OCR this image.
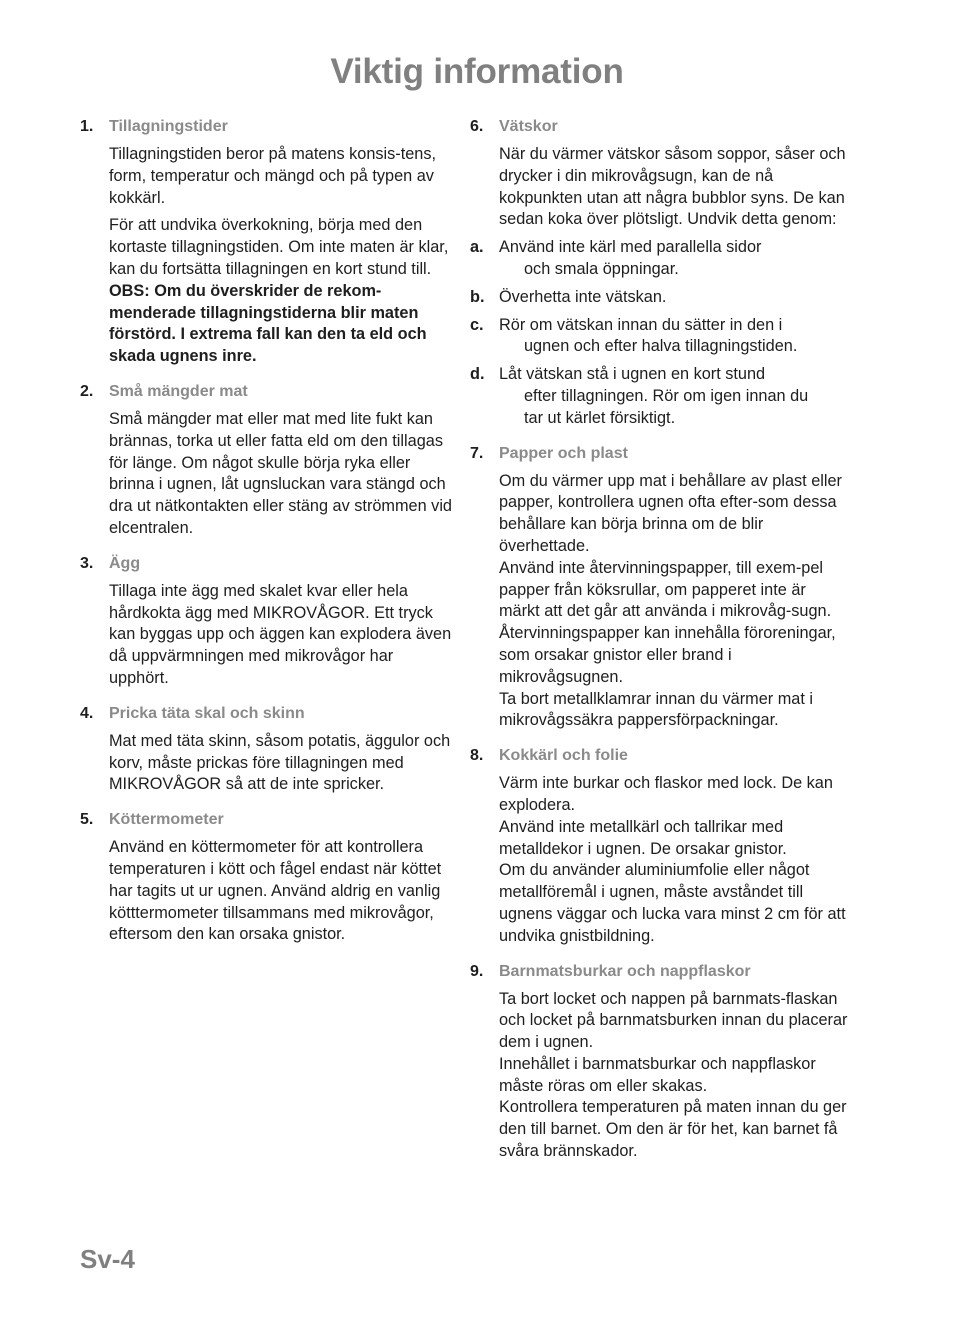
Viktig information
1. Tillagningstider
Tillagningstiden beror på matens konsis-tens, form, temperatur och mängd och på typen av kokkärl.
För att undvika överkokning, börja med den kortaste tillagningstiden. Om inte maten är klar, kan du fortsätta tillagningen en kort stund till.
OBS: Om du överskrider de rekom-menderade tillagningstiderna blir maten förstörd. I extrema fall kan den ta eld och skada ugnens inre.
2. Små mängder mat
Små mängder mat eller mat med lite fukt kan brännas, torka ut eller fatta eld om den tillagas för länge. Om något skulle börja ryka eller brinna i ugnen, låt ugnsluckan vara stängd och dra ut nätkontakten eller stäng av strömmen vid elcentralen.
3. Ägg
Tillaga inte ägg med skalet kvar eller hela hårdkokta ägg med MIKROVÅGOR. Ett tryck kan byggas upp och äggen kan explodera även då uppvärmningen med mikrovågor har upphört.
4. Pricka täta skal och skinn
Mat med täta skinn, såsom potatis, äggulor och korv, måste prickas före tillagningen med MIKROVÅGOR så att de inte spricker.
5. Köttermometer
Använd en köttermometer för att kontrollera temperaturen i kött och fågel endast när köttet har tagits ut ur ugnen. Använd aldrig en vanlig kötttermometer tillsammans med mikrovågor, eftersom den kan orsaka gnistor.
6. Vätskor
När du värmer vätskor såsom soppor, såser och drycker i din mikrovågsugn, kan de nå kokpunkten utan att några bubblor syns. De kan sedan koka över plötsligt. Undvik detta genom:
a. Använd inte kärl med parallella sidor
och smala öppningar.
b. Överhetta inte vätskan.
c. Rör om vätskan innan du sätter in den i
ugnen och efter halva tillagningstiden.
d. Låt vätskan stå i ugnen en kort stund
efter tillagningen. Rör om igen innan du
tar ut kärlet försiktigt.
7. Papper och plast
Om du värmer upp mat i behållare av plast eller papper, kontrollera ugnen ofta efter-som dessa behållare kan börja brinna om de blir överhettade.
Använd inte återvinningspapper, till exem-pel papper från köksrullar, om papperet inte är märkt att det går att använda i mikrovåg-sugn. Återvinningspapper kan innehålla föroreningar, som orsakar gnistor eller brand i mikrovågsugnen.
Ta bort metallklamrar innan du värmer mat i mikrovågssäkra pappersförpackningar.
8. Kokkärl och folie
Värm inte burkar och flaskor med lock. De kan explodera.
Använd inte metallkärl och tallrikar med metalldekor i ugnen. De orsakar gnistor.
Om du använder aluminiumfolie eller något metallföremål i ugnen, måste avståndet till ugnens väggar och lucka vara minst 2 cm för att undvika gnistbildning.
9. Barnmatsburkar och nappflaskor
Ta bort locket och nappen på barnmats-flaskan och locket på barnmatsburken innan du placerar dem i ugnen.
Innehållet i barnmatsburkar och nappflaskor måste röras om eller skakas.
Kontrollera temperaturen på maten innan du ger den till barnet. Om den är för het, kan barnet få svåra brännskador.
Sv-4
